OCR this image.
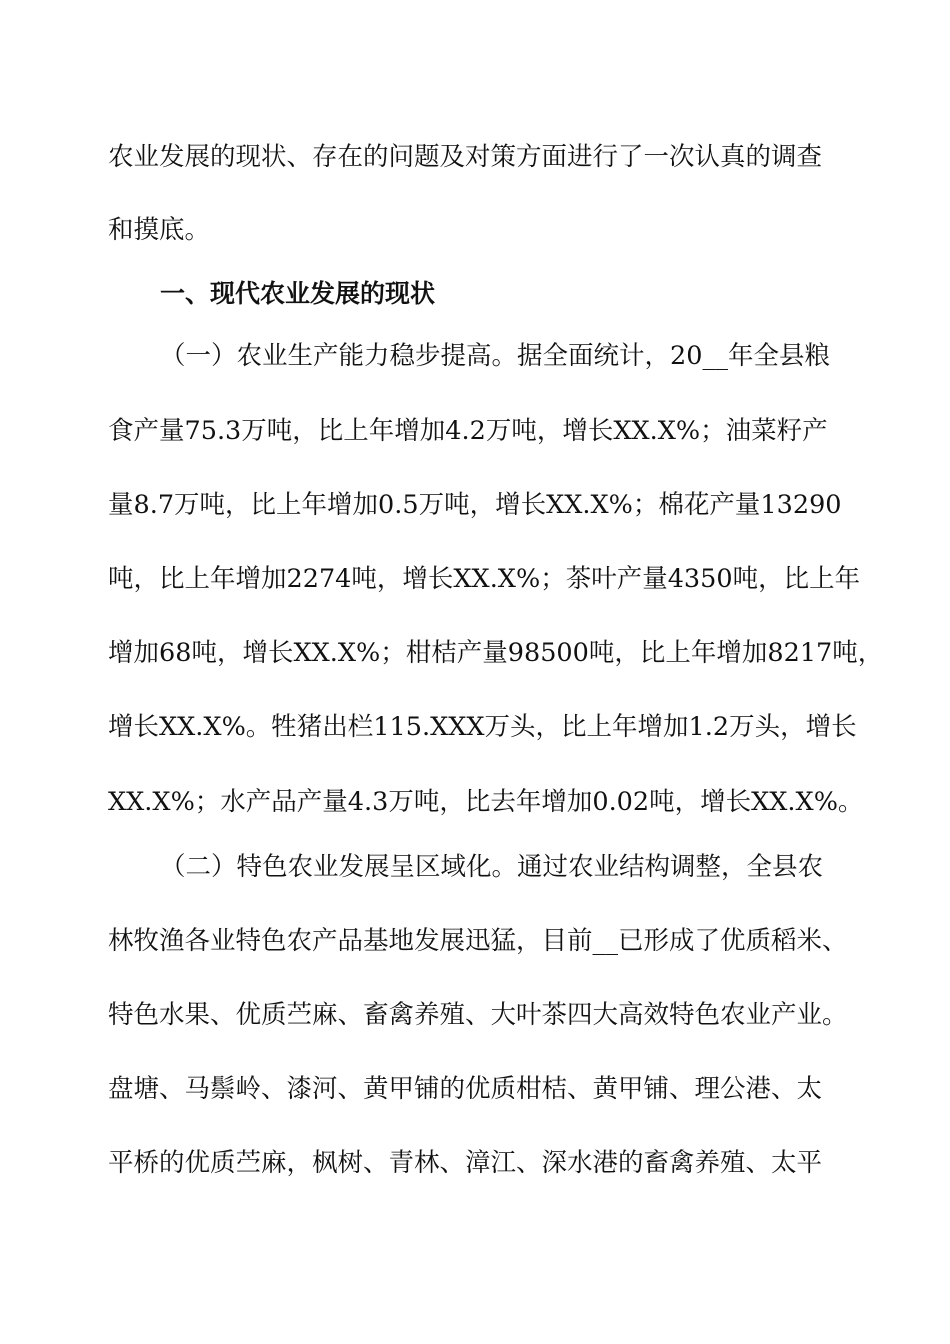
农业发展的现状、存在的问题及对策方面进行了一次认真的调查
和摸底。
一、现代农业发展的现状
（一）农业生产能力稳步提高。据全面统计，20__年全县粮
食产量75.3万吨，比上年增加4.2万吨，增长XX.X%；油菜籽产
量8.7万吨，比上年增加0.5万吨，增长XX.X%；棉花产量13290
吨，比上年增加2274吨，增长XX.X%；茶叶产量4350吨，比上年
增加68吨，增长XX.X%；柑桔产量98500吨，比上年增加8217吨，
增长XX.X%。牲猪出栏115.XXX万头，比上年增加1.2万头，增长
XX.X%；水产品产量4.3万吨，比去年增加0.02吨，增长XX.X%。
（二）特色农业发展呈区域化。通过农业结构调整，全县农
林牧渔各业特色农产品基地发展迅猛，目前__已形成了优质稻米、
特色水果、优质苎麻、畜禽养殖、大叶茶四大高效特色农业产业。
盘塘、马鬃岭、漆河、黄甲铺的优质柑桔、黄甲铺、理公港、太
平桥的优质苎麻，枫树、青林、漳江、深水港的畜禽养殖、太平
